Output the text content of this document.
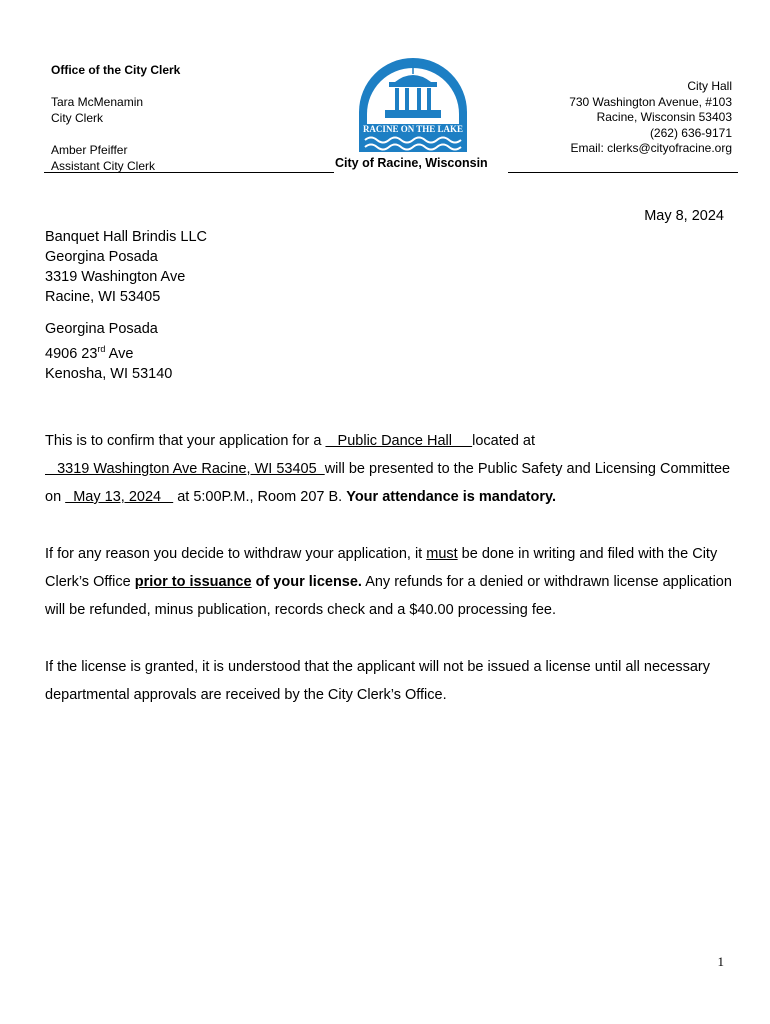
Office of the City Clerk
Tara McMenamin
City Clerk
Amber Pfeiffer
Assistant City Clerk
RACINE ON THE LAKE
City of Racine, Wisconsin
City Hall
730 Washington Avenue, #103
Racine, Wisconsin 53403
(262) 636-9171
Email: clerks@cityofracine.org
May 8, 2024
Banquet Hall Brindis LLC
Georgina Posada
3319 Washington Ave
Racine, WI 53405
Georgina Posada
4906 23rd Ave
Kenosha, WI 53140
This is to confirm that your application for a    Public Dance Hall     located at
3319 Washington Ave Racine, WI 53405  will be presented to the Public Safety and Licensing Committee on   May 13, 2024    at 5:00P.M., Room 207 B. Your attendance is mandatory.
If for any reason you decide to withdraw your application, it must be done in writing and filed with the City Clerk’s Office prior to issuance of your license. Any refunds for a denied or withdrawn license application will be refunded, minus publication, records check and a $40.00 processing fee.
If the license is granted, it is understood that the applicant will not be issued a license until all necessary departmental approvals are received by the City Clerk’s Office.
1
